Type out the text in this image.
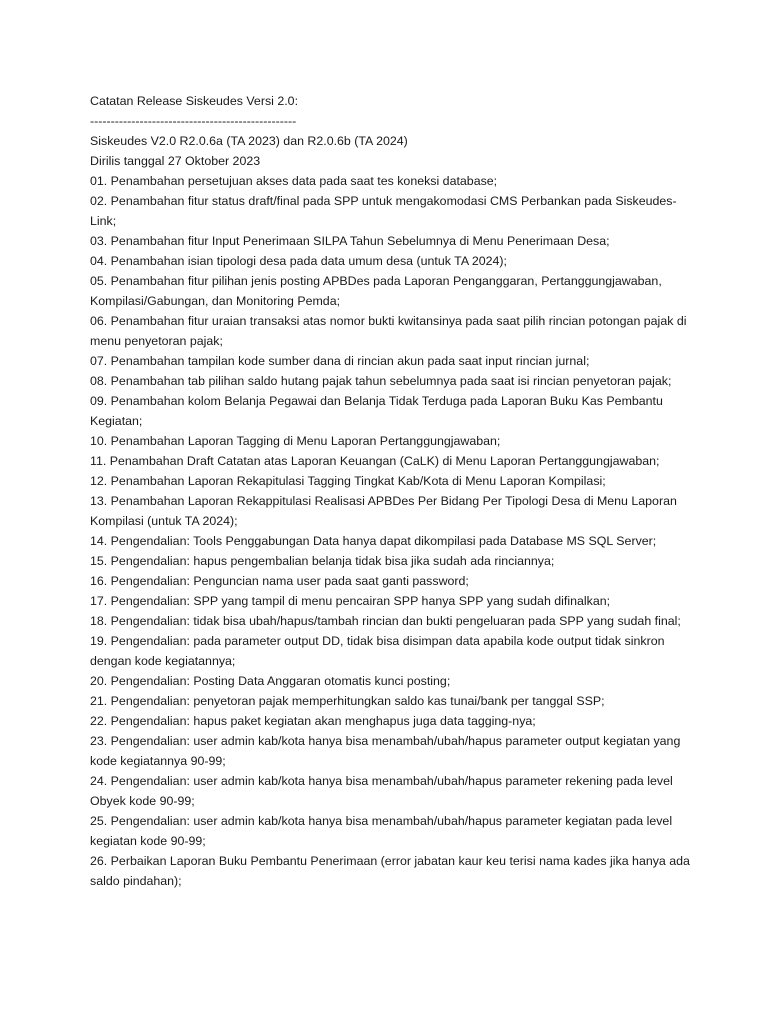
Catatan Release Siskeudes Versi 2.0:
--------------------------------------------------
Siskeudes V2.0 R2.0.6a (TA 2023) dan R2.0.6b (TA 2024)
Dirilis tanggal 27 Oktober 2023
01. Penambahan persetujuan akses data pada saat tes koneksi database;
02. Penambahan fitur status draft/final pada SPP untuk mengakomodasi CMS Perbankan pada Siskeudes-Link;
03. Penambahan fitur Input Penerimaan SILPA Tahun Sebelumnya di Menu Penerimaan Desa;
04. Penambahan isian tipologi desa pada data umum desa (untuk TA 2024);
05. Penambahan fitur pilihan jenis posting APBDes pada Laporan Penganggaran, Pertanggungjawaban, Kompilasi/Gabungan, dan Monitoring Pemda;
06. Penambahan fitur uraian transaksi atas nomor bukti kwitansinya pada saat pilih rincian potongan pajak di menu penyetoran pajak;
07. Penambahan tampilan kode sumber dana di rincian akun pada saat input rincian jurnal;
08. Penambahan tab pilihan saldo hutang pajak tahun sebelumnya pada saat isi rincian penyetoran pajak;
09. Penambahan kolom Belanja Pegawai dan Belanja Tidak Terduga pada Laporan Buku Kas Pembantu Kegiatan;
10. Penambahan Laporan Tagging di Menu Laporan Pertanggungjawaban;
11. Penambahan Draft Catatan atas Laporan Keuangan (CaLK) di Menu Laporan Pertanggungjawaban;
12. Penambahan Laporan Rekapitulasi Tagging Tingkat Kab/Kota di Menu Laporan Kompilasi;
13. Penambahan Laporan Rekappitulasi Realisasi APBDes Per Bidang Per Tipologi Desa di Menu Laporan Kompilasi (untuk TA 2024);
14. Pengendalian: Tools Penggabungan Data hanya dapat dikompilasi pada Database MS SQL Server;
15. Pengendalian: hapus pengembalian belanja tidak bisa jika sudah ada rinciannya;
16. Pengendalian: Penguncian nama user pada saat ganti password;
17. Pengendalian: SPP yang tampil di menu pencairan SPP hanya SPP yang sudah difinalkan;
18. Pengendalian: tidak bisa ubah/hapus/tambah rincian dan bukti pengeluaran pada SPP yang sudah final;
19. Pengendalian: pada parameter output DD, tidak bisa disimpan data apabila kode output tidak sinkron dengan kode kegiatannya;
20. Pengendalian: Posting Data Anggaran otomatis kunci posting;
21. Pengendalian: penyetoran pajak memperhitungkan saldo kas tunai/bank per tanggal SSP;
22. Pengendalian: hapus paket kegiatan akan menghapus juga data tagging-nya;
23. Pengendalian: user admin kab/kota hanya bisa menambah/ubah/hapus parameter output kegiatan yang kode kegiatannya 90-99;
24. Pengendalian: user admin kab/kota hanya bisa menambah/ubah/hapus parameter rekening pada level Obyek kode 90-99;
25. Pengendalian: user admin kab/kota hanya bisa menambah/ubah/hapus parameter kegiatan pada level kegiatan kode 90-99;
26. Perbaikan Laporan Buku Pembantu Penerimaan (error jabatan kaur keu terisi nama kades jika hanya ada saldo pindahan);
